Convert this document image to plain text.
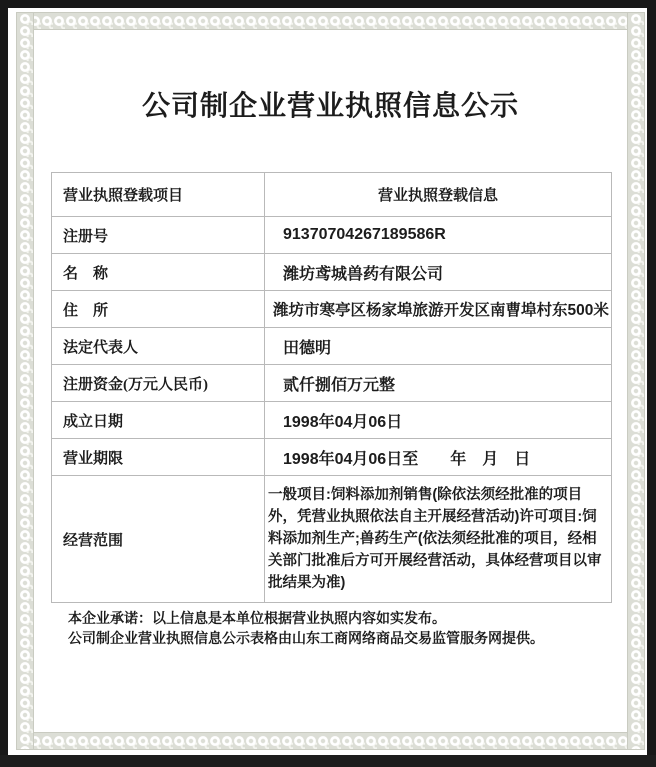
公司制企业营业执照信息公示
营业执照登载项目	营业执照登载信息
注册号	91370704267189586R
名　称	潍坊鸢城兽药有限公司
住　所	潍坊市寒亭区杨家埠旅游开发区南曹埠村东500米
法定代表人	田德明
注册资金(万元人民币)	贰仟捌佰万元整
成立日期	1998年04月06日
营业期限	1998年04月06日至　　年　月　日
经营范围	一般项目:饲料添加剂销售(除依法须经批准的项目外，凭营业执照依法自主开展经营活动)许可项目:饲料添加剂生产;兽药生产(依法须经批准的项目，经相关部门批准后方可开展经营活动，具体经营项目以审批结果为准)
本企业承诺：以上信息是本单位根据营业执照内容如实发布。
公司制企业营业执照信息公示表格由山东工商网络商品交易监管服务网提供。
